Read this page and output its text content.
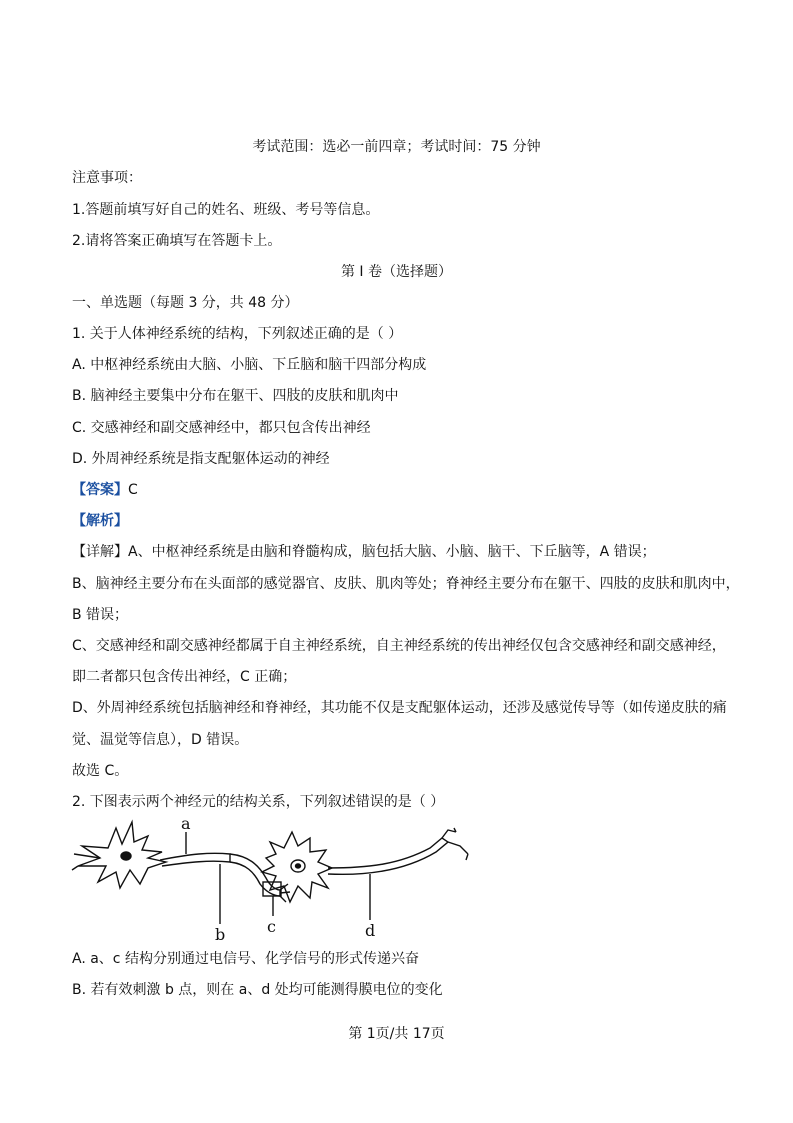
考试范围：选必一前四章；考试时间：75 分钟
注意事项：
1.答题前填写好自己的姓名、班级、考号等信息。
2.请将答案正确填写在答题卡上。
第 I 卷（选择题）
一、单选题（每题 3 分，共 48 分）
1. 关于人体神经系统的结构，下列叙述正确的是（ ）
A. 中枢神经系统由大脑、小脑、下丘脑和脑干四部分构成
B. 脑神经主要集中分布在躯干、四肢的皮肤和肌肉中
C. 交感神经和副交感神经中，都只包含传出神经
D. 外周神经系统是指支配躯体运动的神经
【答案】C
【解析】
【详解】A、中枢神经系统是由脑和脊髓构成，脑包括大脑、小脑、脑干、下丘脑等，A 错误；
B、脑神经主要分布在头面部的感觉器官、皮肤、肌肉等处；脊神经主要分布在躯干、四肢的皮肤和肌肉中，
B 错误；
C、交感神经和副交感神经都属于自主神经系统，自主神经系统的传出神经仅包含交感神经和副交感神经，
即二者都只包含传出神经，C 正确；
D、外周神经系统包括脑神经和脊神经，其功能不仅是支配躯体运动，还涉及感觉传导等（如传递皮肤的痛
觉、温觉等信息），D 错误。
故选 C。
2. 下图表示两个神经元的结构关系，下列叙述错误的是（ ）
a
b	c	d
A. a、c 结构分别通过电信号、化学信号的形式传递兴奋
B. 若有效刺激 b 点，则在 a、d 处均可能测得膜电位的变化
第 1页/共 17页
